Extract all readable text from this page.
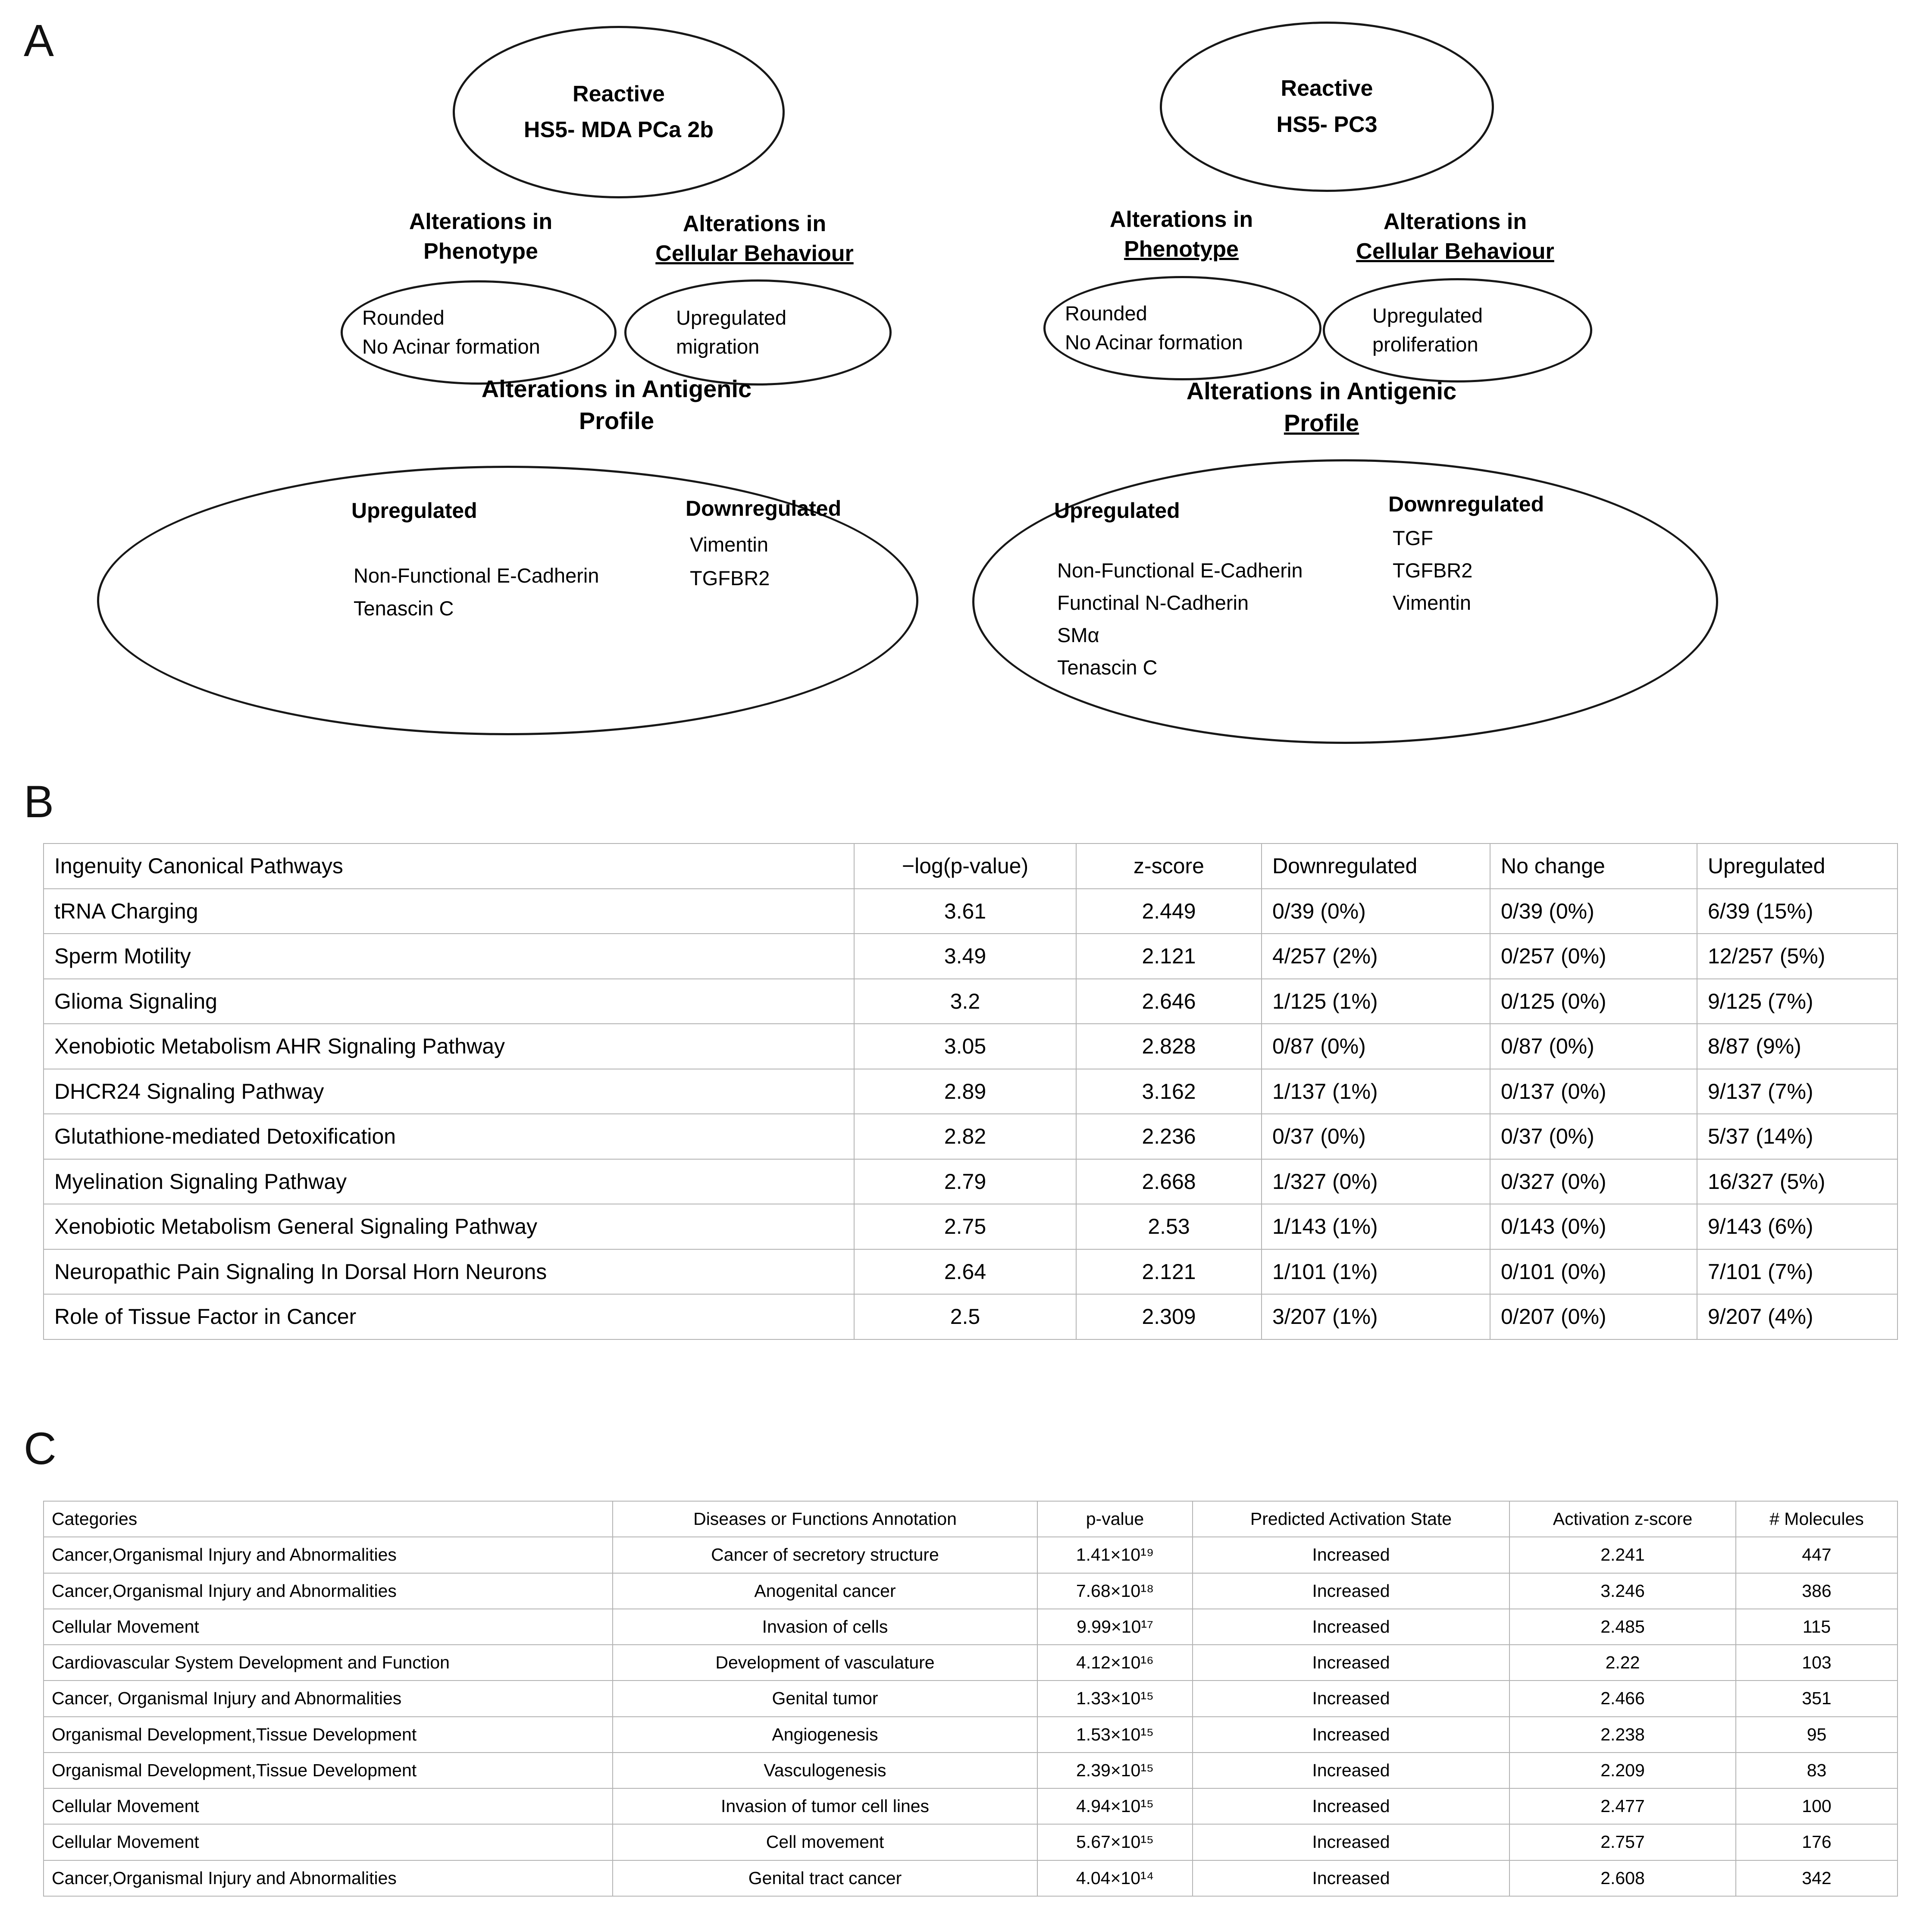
A
Reactive
HS5- MDA PCa 2b
Alterations in
Phenotype
Alterations in
Cellular Behaviour
Rounded
No Acinar formation
Upregulated
migration
Alterations in Antigenic
Profile
Upregulated	Downregulated
Vimentin
Non-Functional E-Cadherin	TGFBR2
Tenascin C
Reactive
HS5- PC3
Alterations in
Phenotype
Alterations in
Cellular Behaviour
Rounded
No Acinar formation
Upregulated
proliferation
Alterations in Antigenic
Profile
Upregulated	Downregulated
TGF
Non-Functional E-Cadherin	TGFBR2
Functinal N-Cadherin	Vimentin
SMα
Tenascin C
B
Ingenuity Canonical Pathways	−log(p-value)	z-score	Downregulated	No change	Upregulated
tRNA Charging	3.61	2.449	0/39 (0%)	0/39 (0%)	6/39 (15%)
Sperm Motility	3.49	2.121	4/257 (2%)	0/257 (0%)	12/257 (5%)
Glioma Signaling	3.2	2.646	1/125 (1%)	0/125 (0%)	9/125 (7%)
Xenobiotic Metabolism AHR Signaling Pathway	3.05	2.828	0/87 (0%)	0/87 (0%)	8/87 (9%)
DHCR24 Signaling Pathway	2.89	3.162	1/137 (1%)	0/137 (0%)	9/137 (7%)
Glutathione-mediated Detoxification	2.82	2.236	0/37 (0%)	0/37 (0%)	5/37 (14%)
Myelination Signaling Pathway	2.79	2.668	1/327 (0%)	0/327 (0%)	16/327 (5%)
Xenobiotic Metabolism General Signaling Pathway	2.75	2.53	1/143 (1%)	0/143 (0%)	9/143 (6%)
Neuropathic Pain Signaling In Dorsal Horn Neurons	2.64	2.121	1/101 (1%)	0/101 (0%)	7/101 (7%)
Role of Tissue Factor in Cancer	2.5	2.309	3/207 (1%)	0/207 (0%)	9/207 (4%)
C
Categories	Diseases or Functions Annotation	p-value	Predicted Activation State	Activation z-score	# Molecules
Cancer,Organismal Injury and Abnormalities	Cancer of secretory structure	1.41×10¹⁹	Increased	2.241	447
Cancer,Organismal Injury and Abnormalities	Anogenital cancer	7.68×10¹⁸	Increased	3.246	386
Cellular Movement	Invasion of cells	9.99×10¹⁷	Increased	2.485	115
Cardiovascular System Development and Function	Development of vasculature	4.12×10¹⁶	Increased	2.22	103
Cancer, Organismal Injury and Abnormalities	Genital tumor	1.33×10¹⁵	Increased	2.466	351
Organismal Development,Tissue Development	Angiogenesis	1.53×10¹⁵	Increased	2.238	95
Organismal Development,Tissue Development	Vasculogenesis	2.39×10¹⁵	Increased	2.209	83
Cellular Movement	Invasion of tumor cell lines	4.94×10¹⁵	Increased	2.477	100
Cellular Movement	Cell movement	5.67×10¹⁵	Increased	2.757	176
Cancer,Organismal Injury and Abnormalities	Genital tract cancer	4.04×10¹⁴	Increased	2.608	342
